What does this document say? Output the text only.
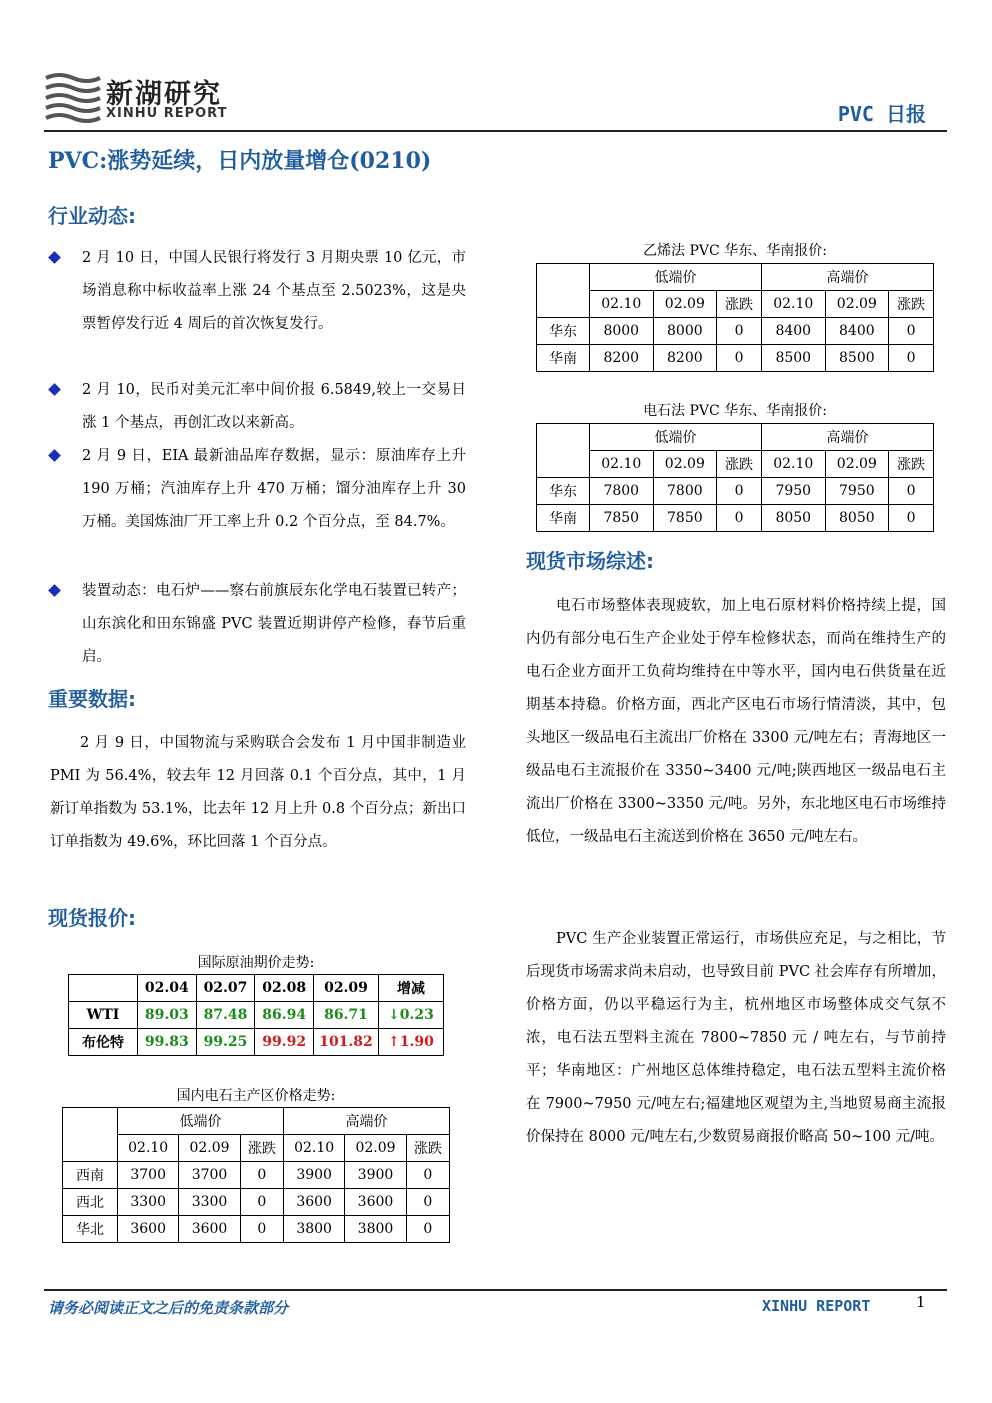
新湖研究
XINHU REPORT	PVC 日报
PVC:涨势延续，日内放量增仓(0210)
行业动态:
2 月 10 日，中国人民银行将发行 3 月期央票 10 亿元，市场消息称中标收益率上涨 24 个基点至 2.5023%，这是央票暂停发行近 4 周后的首次恢复发行。
2 月 10，民币对美元汇率中间价报 6.5849,较上一交易日涨 1 个基点，再创汇改以来新高。
2 月 9 日，EIA 最新油品库存数据，显示：原油库存上升 190 万桶；汽油库存上升 470 万桶；馏分油库存上升 30 万桶。美国炼油厂开工率上升 0.2 个百分点，至 84.7%。
装置动态：电石炉——察右前旗辰东化学电石装置已转产；山东滨化和田东锦盛 PVC 装置近期讲停产检修，春节后重启。
重要数据:
2 月 9 日，中国物流与采购联合会发布 1 月中国非制造业 PMI 为 56.4%，较去年 12 月回落 0.1 个百分点，其中，1 月新订单指数为 53.1%，比去年 12 月上升 0.8 个百分点；新出口订单指数为 49.6%，环比回落 1 个百分点。
现货报价:
国际原油期价走势:
	02.04	02.07	02.08	02.09	增减
WTI	89.03	87.48	86.94	86.71	↓0.23
布伦特	99.83	99.25	99.92	101.82	↑1.90
国内电石主产区价格走势:
	低端价			高端价		
	02.10	02.09	涨跌	02.10	02.09	涨跌
西南	3700	3700	0	3900	3900	0
西北	3300	3300	0	3600	3600	0
华北	3600	3600	0	3800	3800	0
乙烯法 PVC 华东、华南报价:
	低端价			高端价		
	02.10	02.09	涨跌	02.10	02.09	涨跌
华东	8000	8000	0	8400	8400	0
华南	8200	8200	0	8500	8500	0
电石法 PVC 华东、华南报价:
	低端价			高端价		
	02.10	02.09	涨跌	02.10	02.09	涨跌
华东	7800	7800	0	7950	7950	0
华南	7850	7850	0	8050	8050	0
现货市场综述:
电石市场整体表现疲软，加上电石原材料价格持续上提，国内仍有部分电石生产企业处于停车检修状态，而尚在维持生产的电石企业方面开工负荷均维持在中等水平，国内电石供货量在近期基本持稳。价格方面，西北产区电石市场行情清淡，其中，包头地区一级品电石主流出厂价格在 3300 元/吨左右；青海地区一级品电石主流报价在 3350~3400 元/吨;陕西地区一级品电石主流出厂价格在 3300~3350 元/吨。另外，东北地区电石市场维持低位，一级品电石主流送到价格在 3650 元/吨左右。
PVC 生产企业装置正常运行，市场供应充足，与之相比，节后现货市场需求尚未启动，也导致目前 PVC 社会库存有所增加，价格方面，仍以平稳运行为主，杭州地区市场整体成交气氛不浓，电石法五型料主流在 7800~7850 元 / 吨左右，与节前持平；华南地区：广州地区总体维持稳定，电石法五型料主流价格在 7900~7950 元/吨左右;福建地区观望为主,当地贸易商主流报价保持在 8000 元/吨左右,少数贸易商报价略高 50~100 元/吨。
请务必阅读正文之后的免责条款部分	XINHU REPORT	1
